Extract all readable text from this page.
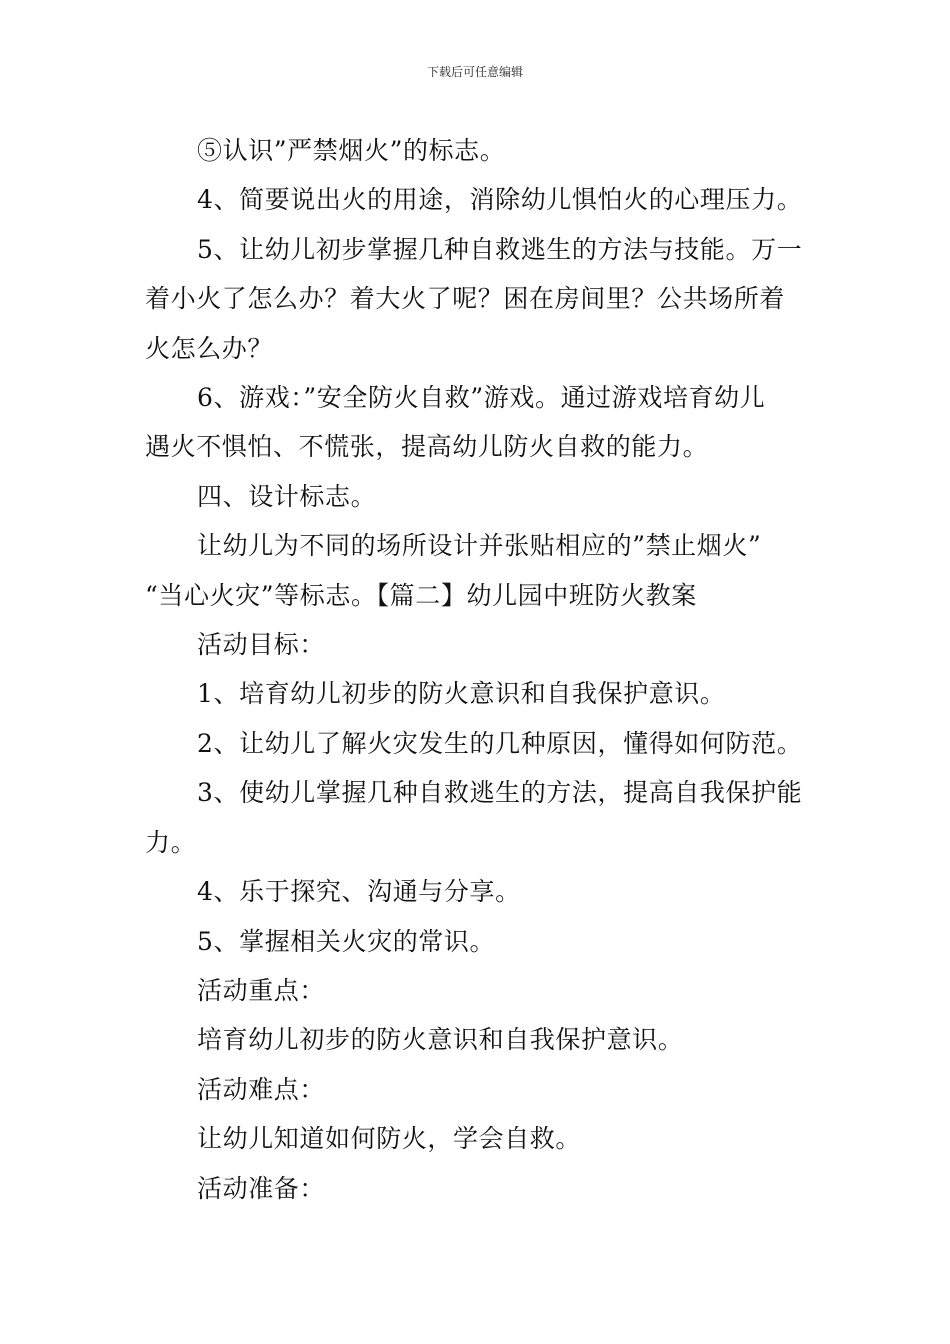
下载后可任意编辑

⑤认识”严禁烟火”的标志。

4、简要说出火的用途，消除幼儿惧怕火的心理压力。

5、让幼儿初步掌握几种自救逃生的方法与技能。万一

着小火了怎么办？着大火了呢？困在房间里？公共场所着

火怎么办？

6、游戏：”安全防火自救”游戏。通过游戏培育幼儿

遇火不惧怕、不慌张，提高幼儿防火自救的能力。

四、设计标志。

让幼儿为不同的场所设计并张贴相应的”禁止烟火”

“当心火灾”等标志。【篇二】幼儿园中班防火教案

活动目标：

1、培育幼儿初步的防火意识和自我保护意识。

2、让幼儿了解火灾发生的几种原因，懂得如何防范。

3、使幼儿掌握几种自救逃生的方法，提高自我保护能

力。

4、乐于探究、沟通与分享。

5、掌握相关火灾的常识。

活动重点：

培育幼儿初步的防火意识和自我保护意识。

活动难点：

让幼儿知道如何防火，学会自救。

活动准备：
